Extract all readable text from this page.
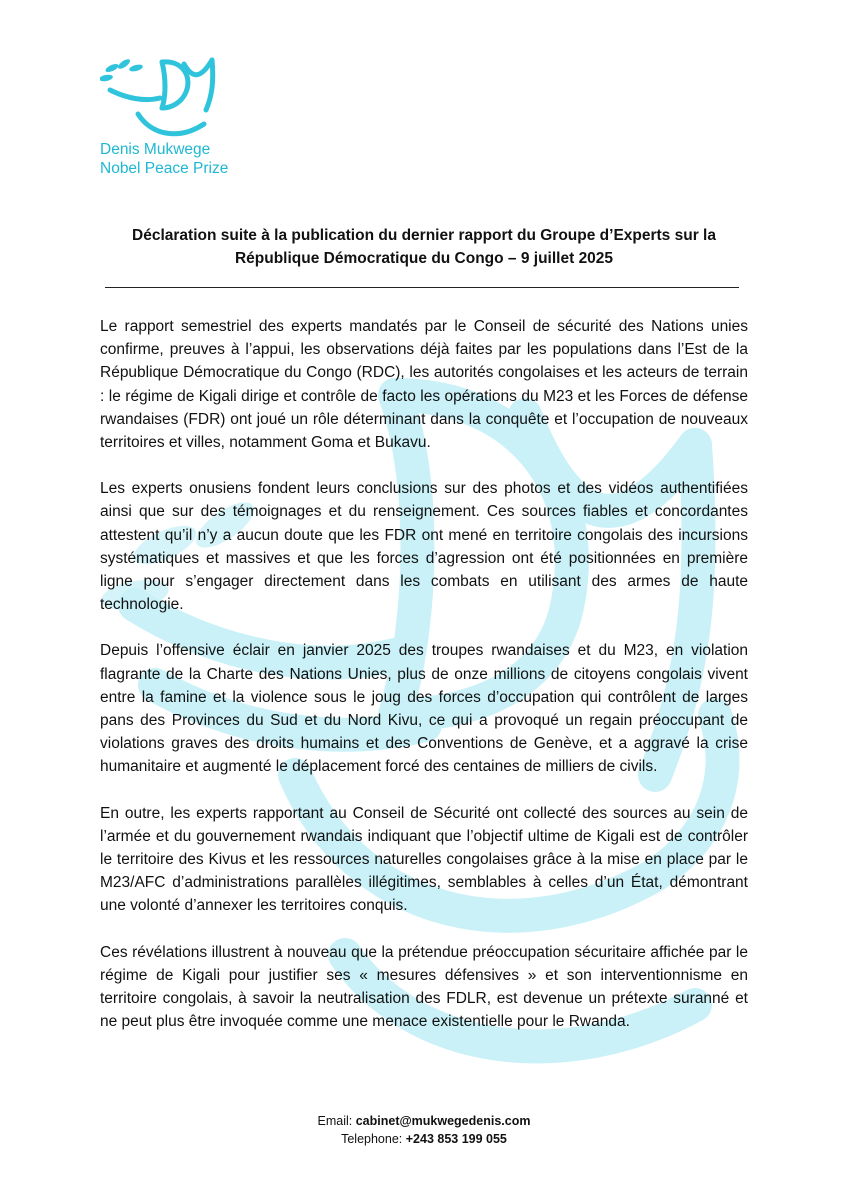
Denis Mukwege
Nobel Peace Prize
Déclaration suite à la publication du dernier rapport du Groupe d’Experts sur la
République Démocratique du Congo – 9 juillet 2025

Le rapport semestriel des experts mandatés par le Conseil de sécurité des Nations unies confirme, preuves à l’appui, les observations déjà faites par les populations dans l’Est de la République Démocratique du Congo (RDC), les autorités congolaises et les acteurs de terrain : le régime de Kigali dirige et contrôle de facto les opérations du M23 et les Forces de défense rwandaises (FDR) ont joué un rôle déterminant dans la conquête et l’occupation de nouveaux territoires et villes, notamment Goma et Bukavu.

Les experts onusiens fondent leurs conclusions sur des photos et des vidéos authentifiées ainsi que sur des témoignages et du renseignement. Ces sources fiables et concordantes attestent qu’il n’y a aucun doute que les FDR ont mené en territoire congolais des incursions systématiques et massives et que les forces d’agression ont été positionnées en première ligne pour s’engager directement dans les combats en utilisant des armes de haute technologie.

Depuis l’offensive éclair en janvier 2025 des troupes rwandaises et du M23, en violation flagrante de la Charte des Nations Unies, plus de onze millions de citoyens congolais vivent entre la famine et la violence sous le joug des forces d’occupation qui contrôlent de larges pans des Provinces du Sud et du Nord Kivu, ce qui a provoqué un regain préoccupant de violations graves des droits humains et des Conventions de Genève, et a aggravé la crise humanitaire et augmenté le déplacement forcé des centaines de milliers de civils.

En outre, les experts rapportant au Conseil de Sécurité ont collecté des sources au sein de l’armée et du gouvernement rwandais indiquant que l’objectif ultime de Kigali est de contrôler le territoire des Kivus et les ressources naturelles congolaises grâce à la mise en place par le M23/AFC d’administrations parallèles illégitimes, semblables à celles d’un État, démontrant une volonté d’annexer les territoires conquis.

Ces révélations illustrent à nouveau que la prétendue préoccupation sécuritaire affichée par le régime de Kigali pour justifier ses « mesures défensives » et son interventionnisme en territoire congolais, à savoir la neutralisation des FDLR, est devenue un prétexte suranné et ne peut plus être invoquée comme une menace existentielle pour le Rwanda.

Email: cabinet@mukwegedenis.com
Telephone: +243 853 199 055
